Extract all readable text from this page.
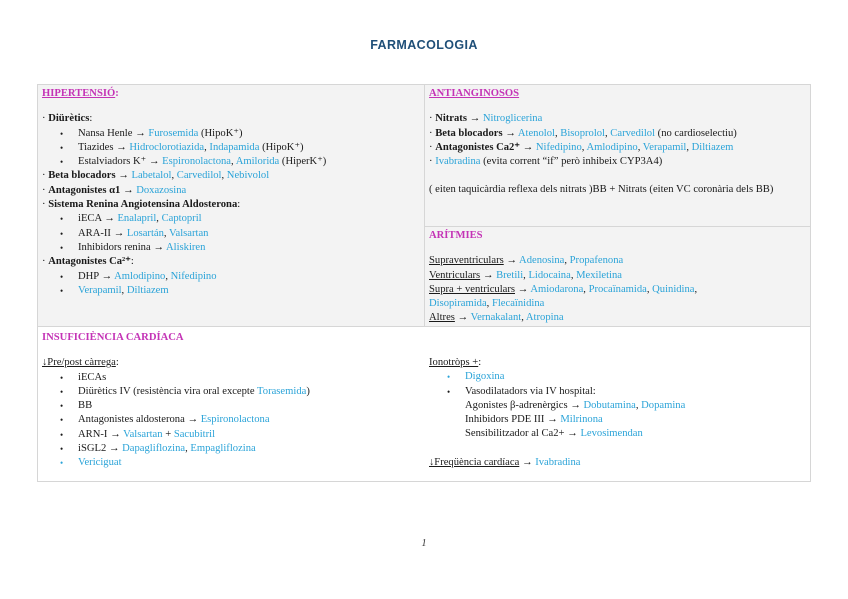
FARMACOLOGIA
HIPERTENSIÓ:
· Diürètics:
• Nansa Henle → Furosemida (HipoK⁺)
• Tiazides → Hidroclorotiazida, Indapamida (HipoK⁺)
• Estalviadors K⁺ → Espironolactona, Amilorida (HiperK⁺)
· Beta blocadors → Labetalol, Carvedilol, Nebivolol
· Antagonistes α1 → Doxazosina
· Sistema Renina Angiotensina Aldosterona:
• iECA → Enalapril, Captopril
• ARA-II → Losartán, Valsartan
• Inhibidors renina → Aliskiren
· Antagonistes Ca²⁺:
• DHP → Amlodipino, Nifedipino
• Verapamil, Diltiazem
ANTIANGINOSOS
· Nitrats → Nitroglicerina
· Beta blocadors → Atenolol, Bisoprolol, Carvedilol (no cardioselectiu)
· Antagonistes Ca2⁺ → Nifedipino, Amlodipino, Verapamil, Diltiazem
· Ivabradina (evita corrent “if” però inhibeix CYP3A4)
( eiten taquicàrdia reflexa dels nitrats )BB + Nitrats (eiten VC coronària dels BB)
ARÍTMIES
Supraventriculars → Adenosina, Propafenona
Ventriculars → Bretili, Lidocaina, Mexiletina
Supra + ventriculars → Amiodarona, Procaïnamida, Quinidina,
Disopiramida, Flecaïnidina
Altres → Vernakalant, Atropina
INSUFICIÈNCIA CARDÍACA
↓Pre/post càrrega:
• iECAs
• Diürètics IV (resistència vira oral excepte Torasemida)
• BB
• Antagonistes aldosterona → Espironolactona
• ARN-I → Valsartan + Sacubitril
• iSGL2 → Dapagliflozina, Empagliflozina
• Vericiguat
Ionotròps +:
• Digoxina
• Vasodilatadors via IV hospital:
Agonistes β-adrenèrgics → Dobutamina, Dopamina
Inhibidors PDE III → Milrinona
Sensibilitzador al Ca2+ → Levosimendan
↓Freqüència cardíaca → Ivabradina
1
